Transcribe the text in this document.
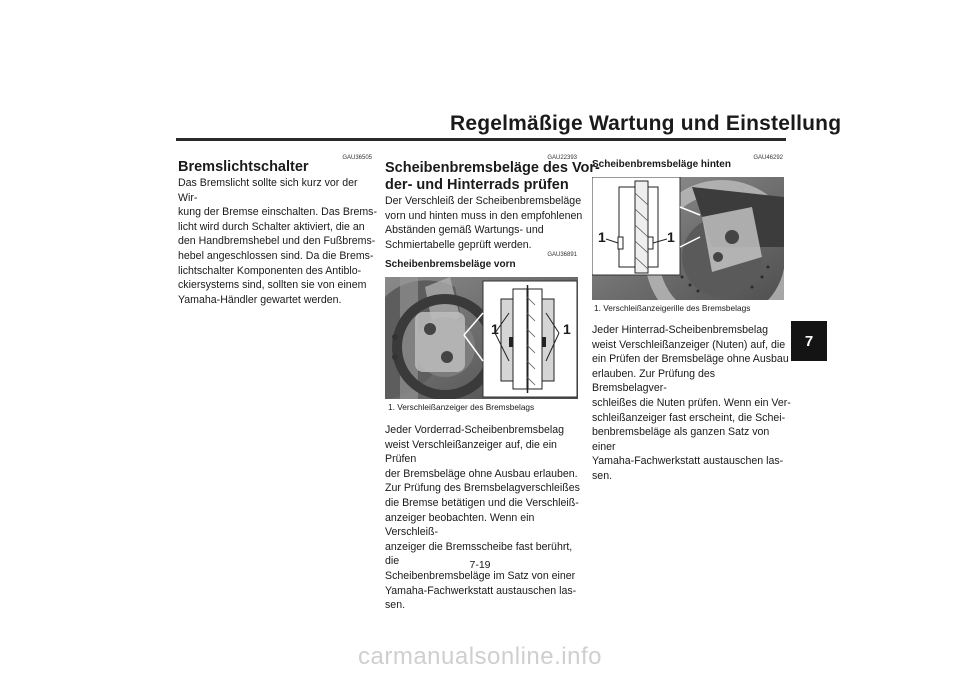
Regelmäßige Wartung und Einstellung
GAU36505
Bremslichtschalter
Das Bremslicht sollte sich kurz vor der Wir-
kung der Bremse einschalten. Das Brems-
licht wird durch Schalter aktiviert, die an
den Handbremshebel und den Fußbrems-
hebel angeschlossen sind. Da die Brems-
lichtschalter Komponenten des Antiblo-
ckiersystems sind, sollten sie von einem
Yamaha-Händler gewartet werden.
GAU22393
Scheibenbremsbeläge des Vor-
der- und Hinterrads prüfen
Der Verschleiß der Scheibenbremsbeläge
vorn und hinten muss in den empfohlenen
Abständen gemäß Wartungs- und
Schmiertabelle geprüft werden.
GAU36891
Scheibenbremsbeläge vorn
1	1
1. Verschleißanzeiger des Bremsbelags
Jeder Vorderrad-Scheibenbremsbelag
weist Verschleißanzeiger auf, die ein Prüfen
der Bremsbeläge ohne Ausbau erlauben.
Zur Prüfung des Bremsbelagverschleißes
die Bremse betätigen und die Verschleiß-
anzeiger beobachten. Wenn ein Verschleiß-
anzeiger die Bremsscheibe fast berührt, die
Scheibenbremsbeläge im Satz von einer
Yamaha-Fachwerkstatt austauschen las-
sen.
GAU46292
Scheibenbremsbeläge hinten
1	1
1. Verschleißanzeigerille des Bremsbelags
Jeder Hinterrad-Scheibenbremsbelag
weist Verschleißanzeiger (Nuten) auf, die
ein Prüfen der Bremsbeläge ohne Ausbau
erlauben. Zur Prüfung des Bremsbelagver-
schleißes die Nuten prüfen. Wenn ein Ver-
schleißanzeiger fast erscheint, die Schei-
benbremsbeläge als ganzen Satz von einer
Yamaha-Fachwerkstatt austauschen las-
sen.
7
7-19
carmanualsonline.info
